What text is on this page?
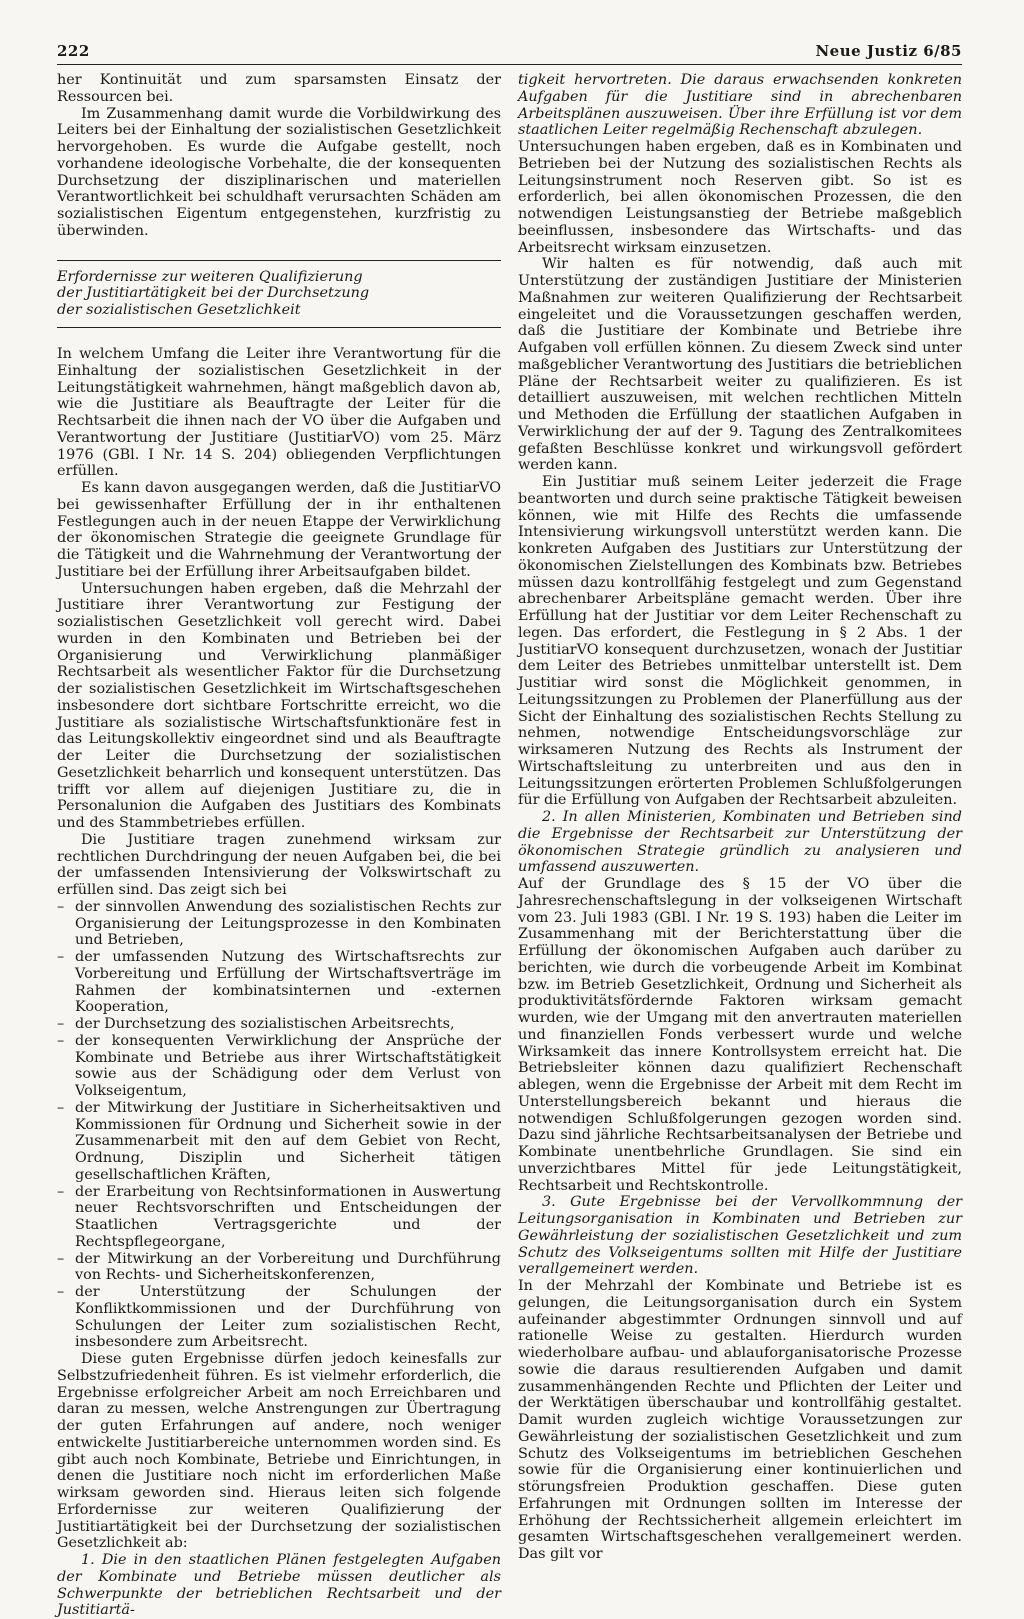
222	Neue Justiz 6/85

her Kontinuität und zum sparsamsten Einsatz der Ressourcen bei.

Im Zusammenhang damit wurde die Vorbildwirkung des Leiters bei der Einhaltung der sozialistischen Gesetzlichkeit hervorgehoben. Es wurde die Aufgabe gestellt, noch vorhandene ideologische Vorbehalte, die der konsequenten Durchsetzung der disziplinarischen und materiellen Verantwortlichkeit bei schuldhaft verursachten Schäden am sozialistischen Eigentum entgegenstehen, kurzfristig zu überwinden.

Erfordernisse zur weiteren Qualifizierung

der Justitiartätigkeit bei der Durchsetzung

der sozialistischen Gesetzlichkeit

In welchem Umfang die Leiter ihre Verantwortung für die Einhaltung der sozialistischen Gesetzlichkeit in der Leitungstätigkeit wahrnehmen, hängt maßgeblich davon ab, wie die Justitiare als Beauftragte der Leiter für die Rechtsarbeit die ihnen nach der VO über die Aufgaben und Verantwortung der Justitiare (JustitiarVO) vom 25. März 1976 (GBl. I Nr. 14 S. 204) obliegenden Verpflichtungen erfüllen.

Es kann davon ausgegangen werden, daß die JustitiarVO bei gewissenhafter Erfüllung der in ihr enthaltenen Festlegungen auch in der neuen Etappe der Verwirklichung der ökonomischen Strategie die geeignete Grundlage für die Tätigkeit und die Wahrnehmung der Verantwortung der Justitiare bei der Erfüllung ihrer Arbeitsaufgaben bildet.

Untersuchungen haben ergeben, daß die Mehrzahl der Justitiare ihrer Verantwortung zur Festigung der sozialistischen Gesetzlichkeit voll gerecht wird. Dabei wurden in den Kombinaten und Betrieben bei der Organisierung und Verwirklichung planmäßiger Rechtsarbeit als wesentlicher Faktor für die Durchsetzung der sozialistischen Gesetzlichkeit im Wirtschaftsgeschehen insbesondere dort sichtbare Fortschritte erreicht, wo die Justitiare als sozialistische Wirtschaftsfunktionäre fest in das Leitungskollektiv eingeordnet sind und als Beauftragte der Leiter die Durchsetzung der sozialistischen Gesetzlichkeit beharrlich und konsequent unterstützen. Das trifft vor allem auf diejenigen Justitiare zu, die in Personalunion die Aufgaben des Justitiars des Kombinats und des Stammbetriebes erfüllen.

Die Justitiare tragen zunehmend wirksam zur rechtlichen Durchdringung der neuen Aufgaben bei, die bei der umfassenden Intensivierung der Volkswirtschaft zu erfüllen sind. Das zeigt sich bei

– der sinnvollen Anwendung des sozialistischen Rechts zur Organisierung der Leitungsprozesse in den Kombinaten und Betrieben,
– der umfassenden Nutzung des Wirtschaftsrechts zur Vorbereitung und Erfüllung der Wirtschaftsverträge im Rahmen der kombinatsinternen und -externen Kooperation,
– der Durchsetzung des sozialistischen Arbeitsrechts,
– der konsequenten Verwirklichung der Ansprüche der Kombinate und Betriebe aus ihrer Wirtschaftstätigkeit sowie aus der Schädigung oder dem Verlust von Volkseigentum,
– der Mitwirkung der Justitiare in Sicherheitsaktiven und Kommissionen für Ordnung und Sicherheit sowie in der Zusammenarbeit mit den auf dem Gebiet von Recht, Ordnung, Disziplin und Sicherheit tätigen gesellschaftlichen Kräften,
– der Erarbeitung von Rechtsinformationen in Auswertung neuer Rechtsvorschriften und Entscheidungen der Staatlichen Vertragsgerichte und der Rechtspflegeorgane,
– der Mitwirkung an der Vorbereitung und Durchführung von Rechts- und Sicherheitskonferenzen,
– der Unterstützung der Schulungen der Konfliktkommissionen und der Durchführung von Schulungen der Leiter zum sozialistischen Recht, insbesondere zum Arbeitsrecht.

Diese guten Ergebnisse dürfen jedoch keinesfalls zur Selbstzufriedenheit führen. Es ist vielmehr erforderlich, die Ergebnisse erfolgreicher Arbeit am noch Erreichbaren und daran zu messen, welche Anstrengungen zur Übertragung der guten Erfahrungen auf andere, noch weniger entwickelte Justitiarbereiche unternommen worden sind. Es gibt auch noch Kombinate, Betriebe und Einrichtungen, in denen die Justitiare noch nicht im erforderlichen Maße wirksam geworden sind. Hieraus leiten sich folgende Erfordernisse zur weiteren Qualifizierung der Justitiartätigkeit bei der Durchsetzung der sozialistischen Gesetzlichkeit ab:

1. Die in den staatlichen Plänen festgelegten Aufgaben der Kombinate und Betriebe müssen deutlicher als Schwerpunkte der betrieblichen Rechtsarbeit und der Justitiartä-

tigkeit hervortreten. Die daraus erwachsenden konkreten Aufgaben für die Justitiare sind in abrechenbaren Arbeitsplänen auszuweisen. Über ihre Erfüllung ist vor dem staatlichen Leiter regelmäßig Rechenschaft abzulegen.

Untersuchungen haben ergeben, daß es in Kombinaten und Betrieben bei der Nutzung des sozialistischen Rechts als Leitungsinstrument noch Reserven gibt. So ist es erforderlich, bei allen ökonomischen Prozessen, die den notwendigen Leistungsanstieg der Betriebe maßgeblich beeinflussen, insbesondere das Wirtschafts- und das Arbeitsrecht wirksam einzusetzen.

Wir halten es für notwendig, daß auch mit Unterstützung der zuständigen Justitiare der Ministerien Maßnahmen zur weiteren Qualifizierung der Rechtsarbeit eingeleitet und die Voraussetzungen geschaffen werden, daß die Justitiare der Kombinate und Betriebe ihre Aufgaben voll erfüllen können. Zu diesem Zweck sind unter maßgeblicher Verantwortung des Justitiars die betrieblichen Pläne der Rechtsarbeit weiter zu qualifizieren. Es ist detailliert auszuweisen, mit welchen rechtlichen Mitteln und Methoden die Erfüllung der staatlichen Aufgaben in Verwirklichung der auf der 9. Tagung des Zentralkomitees gefaßten Beschlüsse konkret und wirkungsvoll gefördert werden kann.

Ein Justitiar muß seinem Leiter jederzeit die Frage beantworten und durch seine praktische Tätigkeit beweisen können, wie mit Hilfe des Rechts die umfassende Intensivierung wirkungsvoll unterstützt werden kann. Die konkreten Aufgaben des Justitiars zur Unterstützung der ökonomischen Zielstellungen des Kombinats bzw. Betriebes müssen dazu kontrollfähig festgelegt und zum Gegenstand abrechenbarer Arbeitspläne gemacht werden. Über ihre Erfüllung hat der Justitiar vor dem Leiter Rechenschaft zu legen. Das erfordert, die Festlegung in § 2 Abs. 1 der JustitiarVO konsequent durchzusetzen, wonach der Justitiar dem Leiter des Betriebes unmittelbar unterstellt ist. Dem Justitiar wird sonst die Möglichkeit genommen, in Leitungssitzungen zu Problemen der Planerfüllung aus der Sicht der Einhaltung des sozialistischen Rechts Stellung zu nehmen, notwendige Entscheidungsvorschläge zur wirksameren Nutzung des Rechts als Instrument der Wirtschaftsleitung zu unterbreiten und aus den in Leitungssitzungen erörterten Problemen Schlußfolgerungen für die Erfüllung von Aufgaben der Rechtsarbeit abzuleiten.

2. In allen Ministerien, Kombinaten und Betrieben sind die Ergebnisse der Rechtsarbeit zur Unterstützung der ökonomischen Strategie gründlich zu analysieren und umfassend auszuwerten.

Auf der Grundlage des § 15 der VO über die Jahresrechenschaftslegung in der volkseigenen Wirtschaft vom 23. Juli 1983 (GBl. I Nr. 19 S. 193) haben die Leiter im Zusammenhang mit der Berichterstattung über die Erfüllung der ökonomischen Aufgaben auch darüber zu berichten, wie durch die vorbeugende Arbeit im Kombinat bzw. im Betrieb Gesetzlichkeit, Ordnung und Sicherheit als produktivitätsfördernde Faktoren wirksam gemacht wurden, wie der Umgang mit den anvertrauten materiellen und finanziellen Fonds verbessert wurde und welche Wirksamkeit das innere Kontrollsystem erreicht hat. Die Betriebsleiter können dazu qualifiziert Rechenschaft ablegen, wenn die Ergebnisse der Arbeit mit dem Recht im Unterstellungsbereich bekannt und hieraus die notwendigen Schlußfolgerungen gezogen worden sind. Dazu sind jährliche Rechtsarbeitsanalysen der Betriebe und Kombinate unentbehrliche Grundlagen. Sie sind ein unverzichtbares Mittel für jede Leitungstätigkeit, Rechtsarbeit und Rechtskontrolle.

3. Gute Ergebnisse bei der Vervollkommnung der Leitungsorganisation in Kombinaten und Betrieben zur Gewährleistung der sozialistischen Gesetzlichkeit und zum Schutz des Volkseigentums sollten mit Hilfe der Justitiare verallgemeinert werden.

In der Mehrzahl der Kombinate und Betriebe ist es gelungen, die Leitungsorganisation durch ein System aufeinander abgestimmter Ordnungen sinnvoll und auf rationelle Weise zu gestalten. Hierdurch wurden wiederholbare aufbau- und ablauforganisatorische Prozesse sowie die daraus resultierenden Aufgaben und damit zusammenhängenden Rechte und Pflichten der Leiter und der Werktätigen überschaubar und kontrollfähig gestaltet. Damit wurden zugleich wichtige Voraussetzungen zur Gewährleistung der sozialistischen Gesetzlichkeit und zum Schutz des Volkseigentums im betrieblichen Geschehen sowie für die Organisierung einer kontinuierlichen und störungsfreien Produktion geschaffen. Diese guten Erfahrungen mit Ordnungen sollten im Interesse der Erhöhung der Rechtssicherheit allgemein erleichtert im gesamten Wirtschaftsgeschehen verallgemeinert werden. Das gilt vor
